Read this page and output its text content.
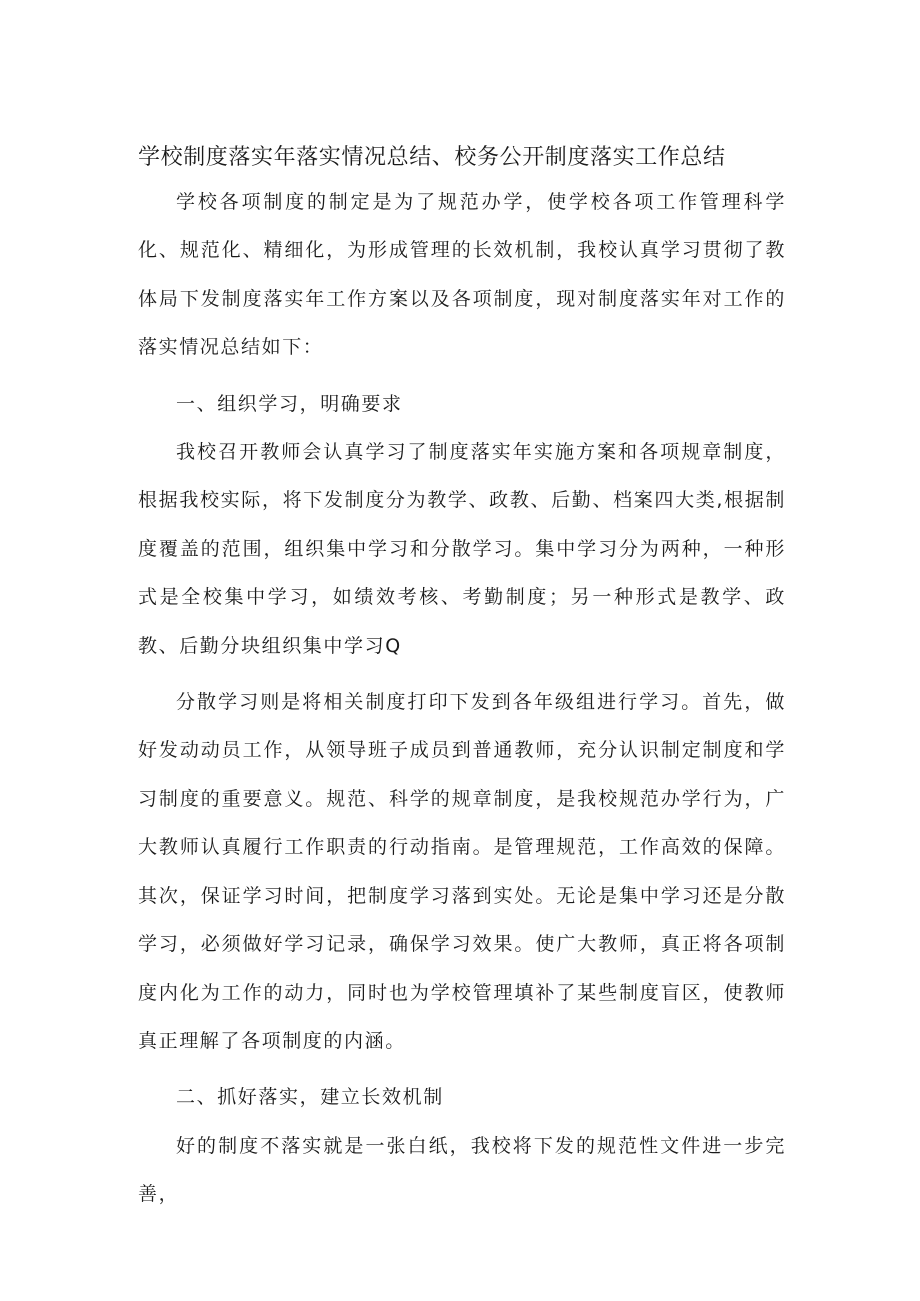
学校制度落实年落实情况总结、校务公开制度落实工作总结

学校各项制度的制定是为了规范办学，使学校各项工作管理科学化、规范化、精细化，为形成管理的长效机制，我校认真学习贯彻了教体局下发制度落实年工作方案以及各项制度，现对制度落实年对工作的落实情况总结如下：

一、组织学习，明确要求

我校召开教师会认真学习了制度落实年实施方案和各项规章制度，根据我校实际，将下发制度分为教学、政教、后勤、档案四大类,根据制度覆盖的范围，组织集中学习和分散学习。集中学习分为两种，一种形式是全校集中学习，如绩效考核、考勤制度；另一种形式是教学、政教、后勤分块组织集中学习Q

分散学习则是将相关制度打印下发到各年级组进行学习。首先，做好发动动员工作，从领导班子成员到普通教师，充分认识制定制度和学习制度的重要意义。规范、科学的规章制度，是我校规范办学行为，广大教师认真履行工作职责的行动指南。是管理规范，工作高效的保障。其次，保证学习时间，把制度学习落到实处。无论是集中学习还是分散学习，必须做好学习记录，确保学习效果。使广大教师，真正将各项制度内化为工作的动力，同时也为学校管理填补了某些制度盲区，使教师真正理解了各项制度的内涵。

二、抓好落实，建立长效机制

好的制度不落实就是一张白纸，我校将下发的规范性文件进一步完善，
